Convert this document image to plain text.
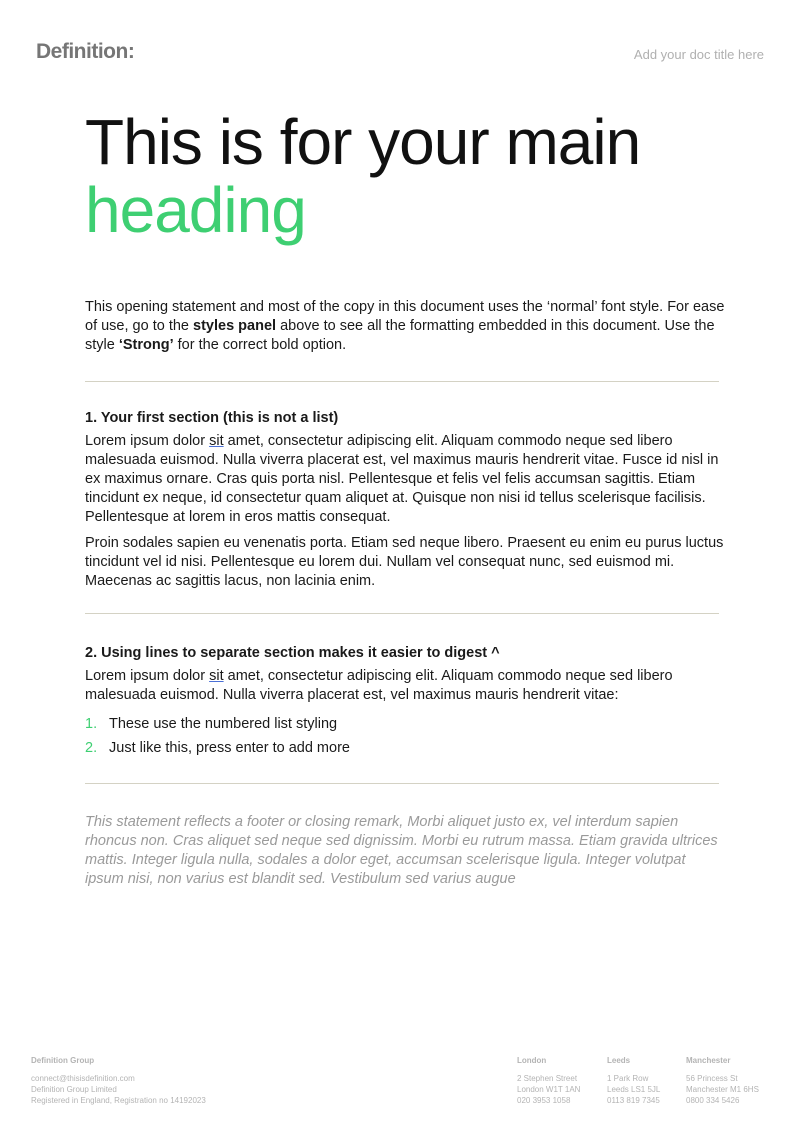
Definition:	Add your doc title here
This is for your main
heading

This opening statement and most of the copy in this document uses the ‘normal’ font style. For ease of use, go to the styles panel above to see all the formatting embedded in this document. Use the style ‘Strong’ for the correct bold option.

1. Your first section (this is not a list)

Lorem ipsum dolor sit amet, consectetur adipiscing elit. Aliquam commodo neque sed libero malesuada euismod. Nulla viverra placerat est, vel maximus mauris hendrerit vitae. Fusce id nisl in ex maximus ornare. Cras quis porta nisl. Pellentesque et felis vel felis accumsan sagittis. Etiam tincidunt ex neque, id consectetur quam aliquet at. Quisque non nisi id tellus scelerisque facilisis. Pellentesque at lorem in eros mattis consequat.

Proin sodales sapien eu venenatis porta. Etiam sed neque libero. Praesent eu enim eu purus luctus tincidunt vel id nisi. Pellentesque eu lorem dui. Nullam vel consequat nunc, sed euismod mi. Maecenas ac sagittis lacus, non lacinia enim.

2. Using lines to separate section makes it easier to digest ^

Lorem ipsum dolor sit amet, consectetur adipiscing elit. Aliquam commodo neque sed libero malesuada euismod. Nulla viverra placerat est, vel maximus mauris hendrerit vitae:

1. These use the numbered list styling
2. Just like this, press enter to add more

This statement reflects a footer or closing remark, Morbi aliquet justo ex, vel interdum sapien rhoncus non. Cras aliquet sed neque sed dignissim. Morbi eu rutrum massa. Etiam gravida ultrices mattis. Integer ligula nulla, sodales a dolor eget, accumsan scelerisque ligula. Integer volutpat ipsum nisi, non varius est blandit sed. Vestibulum sed varius augue

Definition Group
connect@thisisdefinition.com
Definition Group Limited
Registered in England, Registration no 14192023
London
2 Stephen Street
London W1T 1AN
020 3953 1058
Leeds
1 Park Row
Leeds LS1 5JL
0113 819 7345
Manchester
56 Princess St
Manchester M1 6HS
0800 334 5426
